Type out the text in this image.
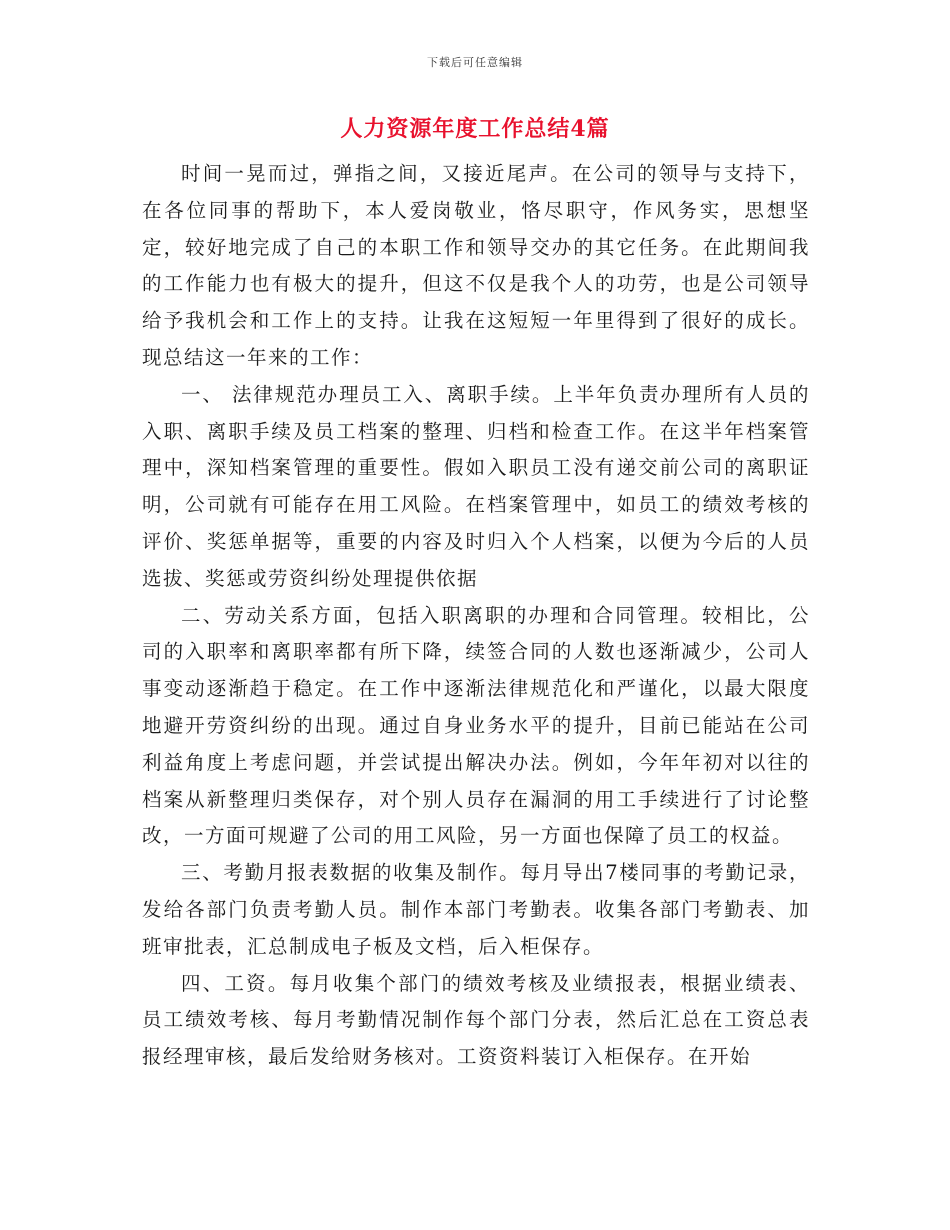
下载后可任意编辑
人力资源年度工作总结4篇

时间一晃而过，弹指之间，又接近尾声。在公司的领导与支持下，在各位同事的帮助下，本人爱岗敬业，恪尽职守，作风务实，思想坚定，较好地完成了自己的本职工作和领导交办的其它任务。在此期间我的工作能力也有极大的提升，但这不仅是我个人的功劳，也是公司领导给予我机会和工作上的支持。让我在这短短一年里得到了很好的成长。现总结这一年来的工作：

一、 法律规范办理员工入、离职手续。上半年负责办理所有人员的入职、离职手续及员工档案的整理、归档和检查工作。在这半年档案管理中，深知档案管理的重要性。假如入职员工没有递交前公司的离职证明，公司就有可能存在用工风险。在档案管理中，如员工的绩效考核的评价、奖惩单据等，重要的内容及时归入个人档案，以便为今后的人员选拔、奖惩或劳资纠纷处理提供依据

二、劳动关系方面，包括入职离职的办理和合同管理。较相比，公司的入职率和离职率都有所下降，续签合同的人数也逐渐减少，公司人事变动逐渐趋于稳定。在工作中逐渐法律规范化和严谨化，以最大限度地避开劳资纠纷的出现。通过自身业务水平的提升，目前已能站在公司利益角度上考虑问题，并尝试提出解决办法。例如，今年年初对以往的档案从新整理归类保存，对个别人员存在漏洞的用工手续进行了讨论整改，一方面可规避了公司的用工风险，另一方面也保障了员工的权益。

三、考勤月报表数据的收集及制作。每月导出7楼同事的考勤记录，发给各部门负责考勤人员。制作本部门考勤表。收集各部门考勤表、加班审批表，汇总制成电子板及文档，后入柜保存。

四、工资。每月收集个部门的绩效考核及业绩报表，根据业绩表、员工绩效考核、每月考勤情况制作每个部门分表，然后汇总在工资总表报经理审核，最后发给财务核对。工资资料装订入柜保存。在开始
